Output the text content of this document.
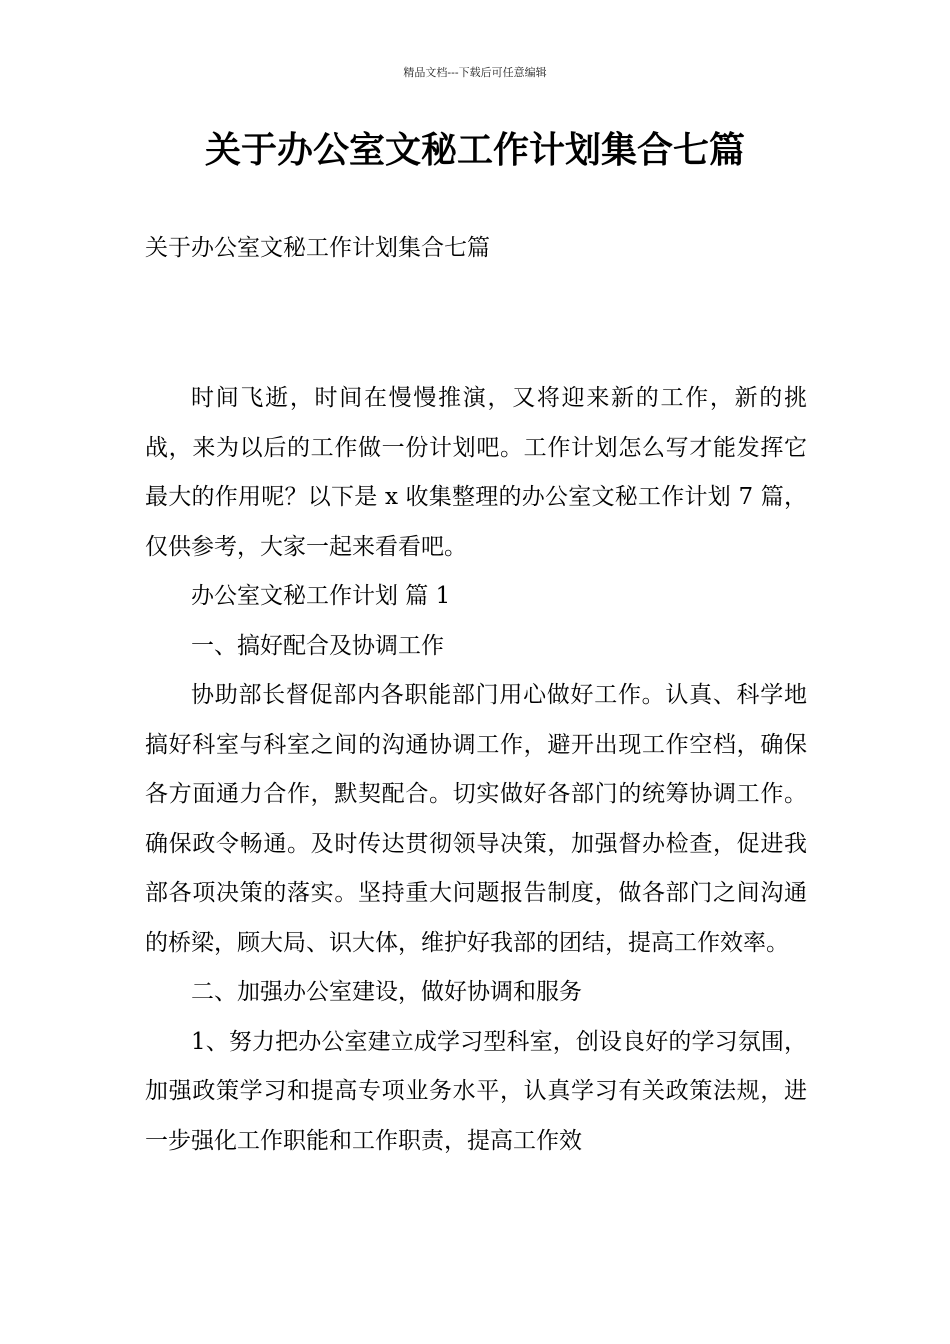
精品文档---下载后可任意编辑
关于办公室文秘工作计划集合七篇

关于办公室文秘工作计划集合七篇

时间飞逝，时间在慢慢推演，又将迎来新的工作，新的挑战，来为以后的工作做一份计划吧。工作计划怎么写才能发挥它最大的作用呢？以下是 x 收集整理的办公室文秘工作计划 7 篇，仅供参考，大家一起来看看吧。

办公室文秘工作计划 篇 1

一、搞好配合及协调工作

协助部长督促部内各职能部门用心做好工作。认真、科学地搞好科室与科室之间的沟通协调工作，避开出现工作空档，确保各方面通力合作，默契配合。切实做好各部门的统筹协调工作。确保政令畅通。及时传达贯彻领导决策，加强督办检查，促进我部各项决策的落实。坚持重大问题报告制度，做各部门之间沟通的桥梁，顾大局、识大体，维护好我部的团结，提高工作效率。

二、加强办公室建设，做好协调和服务

1、努力把办公室建立成学习型科室，创设良好的学习氛围，加强政策学习和提高专项业务水平，认真学习有关政策法规，进一步强化工作职能和工作职责，提高工作效
